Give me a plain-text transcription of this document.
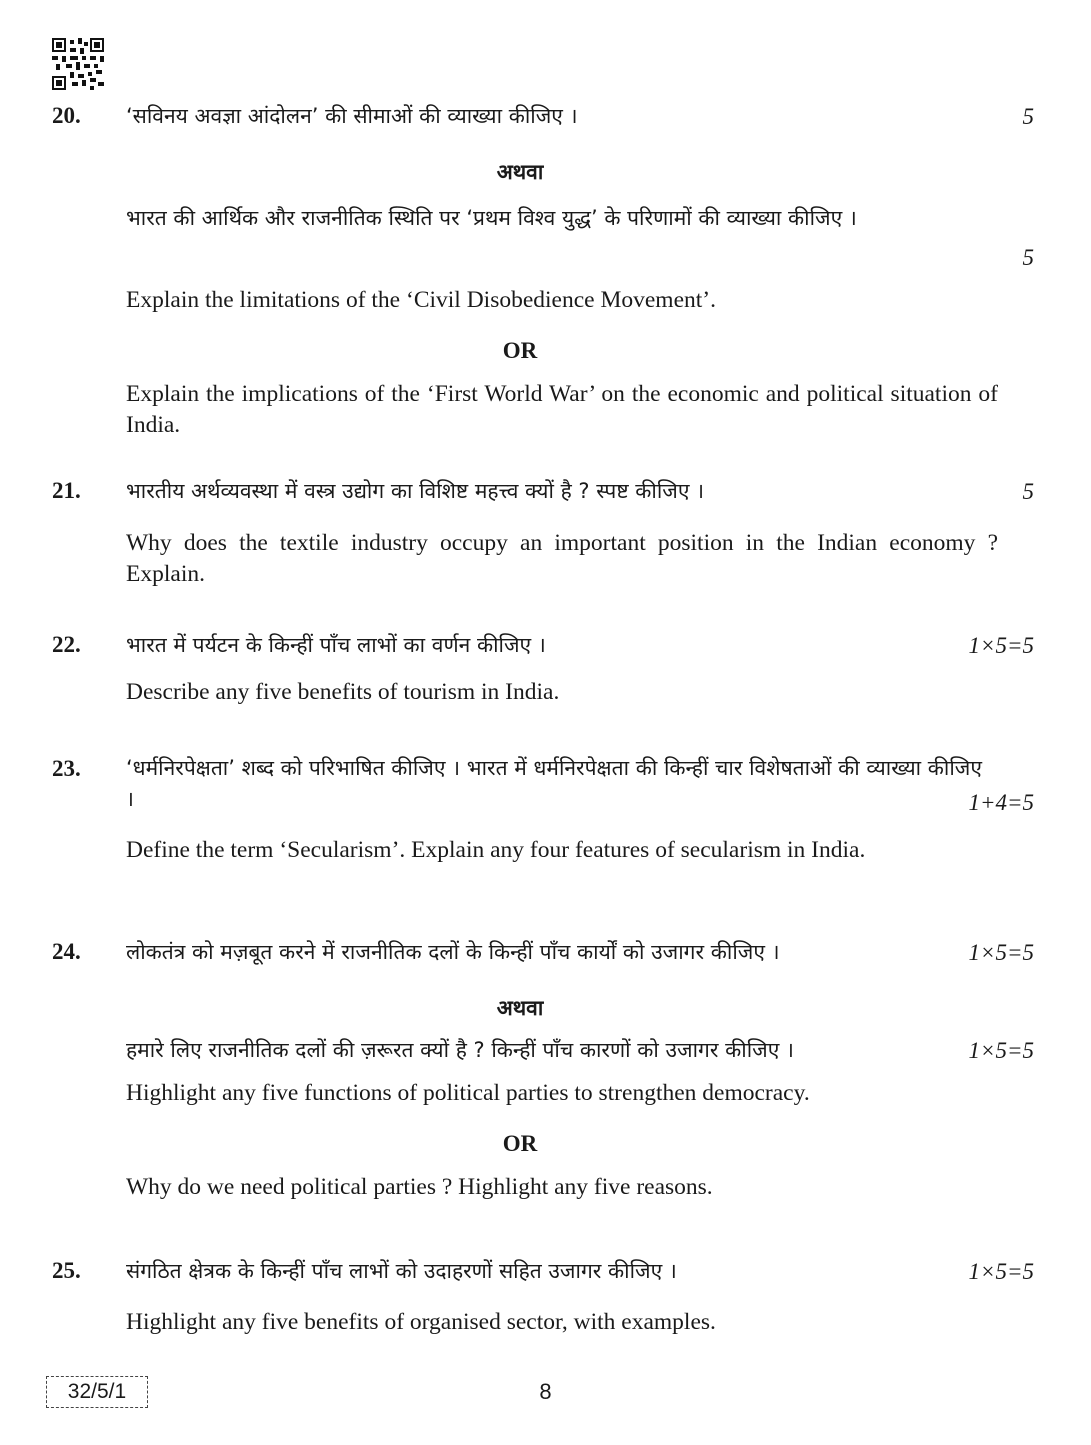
20. ‘सविनय अवज्ञा आंदोलन’ की सीमाओं की व्याख्या कीजिए ।	5
अथवा
भारत की आर्थिक और राजनीतिक स्थिति पर ‘प्रथम विश्व युद्ध’ के परिणामों की व्याख्या कीजिए ।
5
Explain the limitations of the ‘Civil Disobedience Movement’.
OR
Explain the implications of the ‘First World War’ on the economic and political situation of India.
21. भारतीय अर्थव्यवस्था में वस्त्र उद्योग का विशिष्ट महत्त्व क्यों है ? स्पष्ट कीजिए ।	5
Why does the textile industry occupy an important position in the Indian economy ? Explain.
22. भारत में पर्यटन के किन्हीं पाँच लाभों का वर्णन कीजिए ।	1×5=5
Describe any five benefits of tourism in India.
23. ‘धर्मनिरपेक्षता’ शब्द को परिभाषित कीजिए । भारत में धर्मनिरपेक्षता की किन्हीं चार विशेषताओं की व्याख्या कीजिए ।	1+4=5
Define the term ‘Secularism’. Explain any four features of secularism in India.
24. लोकतंत्र को मज़बूत करने में राजनीतिक दलों के किन्हीं पाँच कार्यों को उजागर कीजिए ।	1×5=5
अथवा
हमारे लिए राजनीतिक दलों की ज़रूरत क्यों है ? किन्हीं पाँच कारणों को उजागर कीजिए ।	1×5=5
Highlight any five functions of political parties to strengthen democracy.
OR
Why do we need political parties ? Highlight any five reasons.
25. संगठित क्षेत्रक के किन्हीं पाँच लाभों को उदाहरणों सहित उजागर कीजिए ।	1×5=5
Highlight any five benefits of organised sector, with examples.
32/5/1	8
